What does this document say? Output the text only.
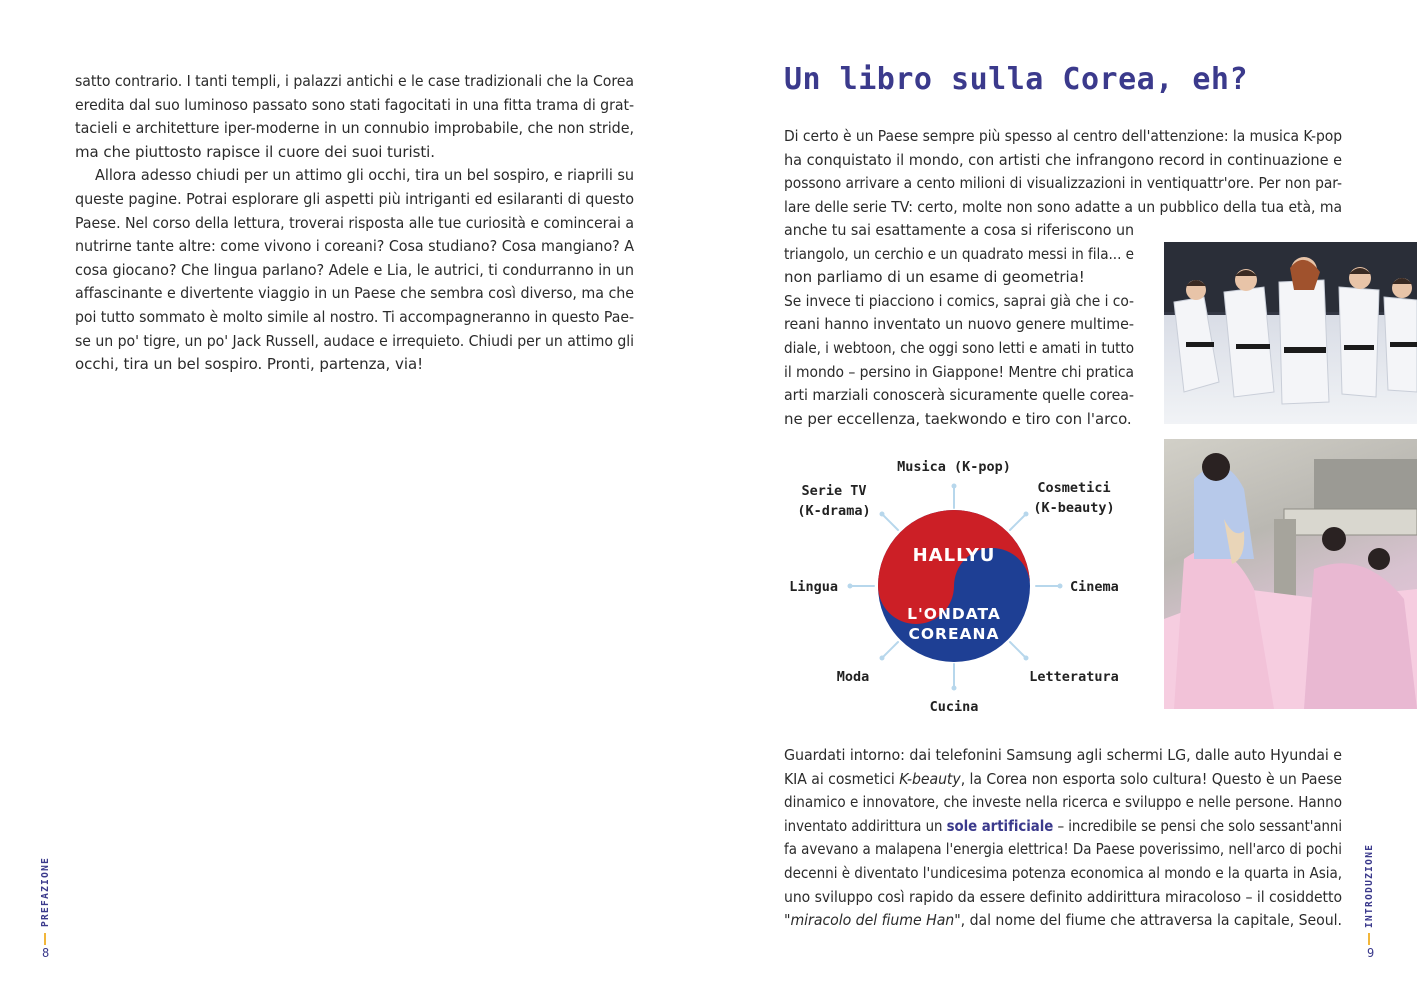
satto contrario. I tanti templi, i palazzi antichi e le case tradizionali che la Corea
eredita dal suo luminoso passato sono stati fagocitati in una fitta trama di grat-
tacieli e architetture iper-moderne in un connubio improbabile, che non stride,
ma che piuttosto rapisce il cuore dei suoi turisti.

Allora adesso chiudi per un attimo gli occhi, tira un bel sospiro, e riaprili su
queste pagine. Potrai esplorare gli aspetti più intriganti ed esilaranti di questo
Paese. Nel corso della lettura, troverai risposta alle tue curiosità e comincerai a
nutrirne tante altre: come vivono i coreani? Cosa studiano? Cosa mangiano? A
cosa giocano? Che lingua parlano? Adele e Lia, le autrici, ti condurranno in un
affascinante e divertente viaggio in un Paese che sembra così diverso, ma che
poi tutto sommato è molto simile al nostro. Ti accompagneranno in questo Pae-
se un po' tigre, un po' Jack Russell, audace e irrequieto. Chiudi per un attimo gli
occhi, tira un bel sospiro. Pronti, partenza, via!

PREFAZIONE
8
Un libro sulla Corea, eh?
Di certo è un Paese sempre più spesso al centro dell'attenzione: la musica K-pop
ha conquistato il mondo, con artisti che infrangono record in continuazione e
possono arrivare a cento milioni di visualizzazioni in ventiquattr'ore. Per non par-
lare delle serie TV: certo, molte non sono adatte a un pubblico della tua età, ma
anche tu sai esattamente a cosa si riferiscono un
triangolo, un cerchio e un quadrato messi in fila... e
non parliamo di un esame di geometria!
Se invece ti piacciono i comics, saprai già che i co-
reani hanno inventato un nuovo genere multime-
diale, i webtoon, che oggi sono letti e amati in tutto
il mondo – persino in Giappone! Mentre chi pratica
arti marziali conoscerà sicuramente quelle corea-
ne per eccellenza, taekwondo e tiro con l'arco.
HALLYU
L'ONDATA
COREANA
Musica (K-pop)
Cosmetici
(K-beauty)
Cinema
Letteratura
Cucina
Moda
Lingua
Serie TV
(K-drama)
Guardati intorno: dai telefonini Samsung agli schermi LG, dalle auto Hyundai e
KIA ai cosmetici K-beauty, la Corea non esporta solo cultura! Questo è un Paese
dinamico e innovatore, che investe nella ricerca e sviluppo e nelle persone. Hanno
inventato addirittura un sole artificiale – incredibile se pensi che solo sessant'anni
fa avevano a malapena l'energia elettrica! Da Paese poverissimo, nell'arco di pochi
decenni è diventato l'undicesima potenza economica al mondo e la quarta in Asia,
uno sviluppo così rapido da essere definito addirittura miracoloso – il cosiddetto
"miracolo del fiume Han", dal nome del fiume che attraversa la capitale, Seoul. INTRODUZIONE
9
